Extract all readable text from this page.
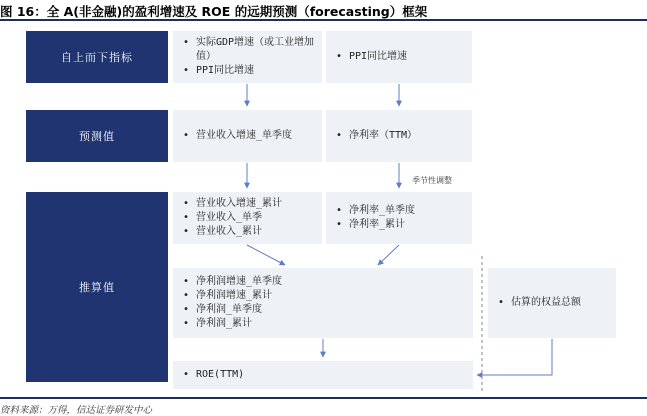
图 16：全 A(非金融)的盈利增速及 ROE 的远期预测（forecasting）框架
自上而下指标
预测值
推算值
• 实际GDP增速（或工业增加值）
• PPI同比增速
• PPI同比增速
• 营业收入增速_单季度
•	净利率（TTM）
季节性调整
• 营业收入增速_累计
• 营业收入_单季
• 营业收入_累计
• 净利率_单季度
• 净利率_累计
• 净利润增速_单季度
• 净利润增速_累计
• 净利润_单季度
• 净利润_累计
• 估算的权益总额
• ROE(TTM)
资料来源：万得，信达证券研发中心
